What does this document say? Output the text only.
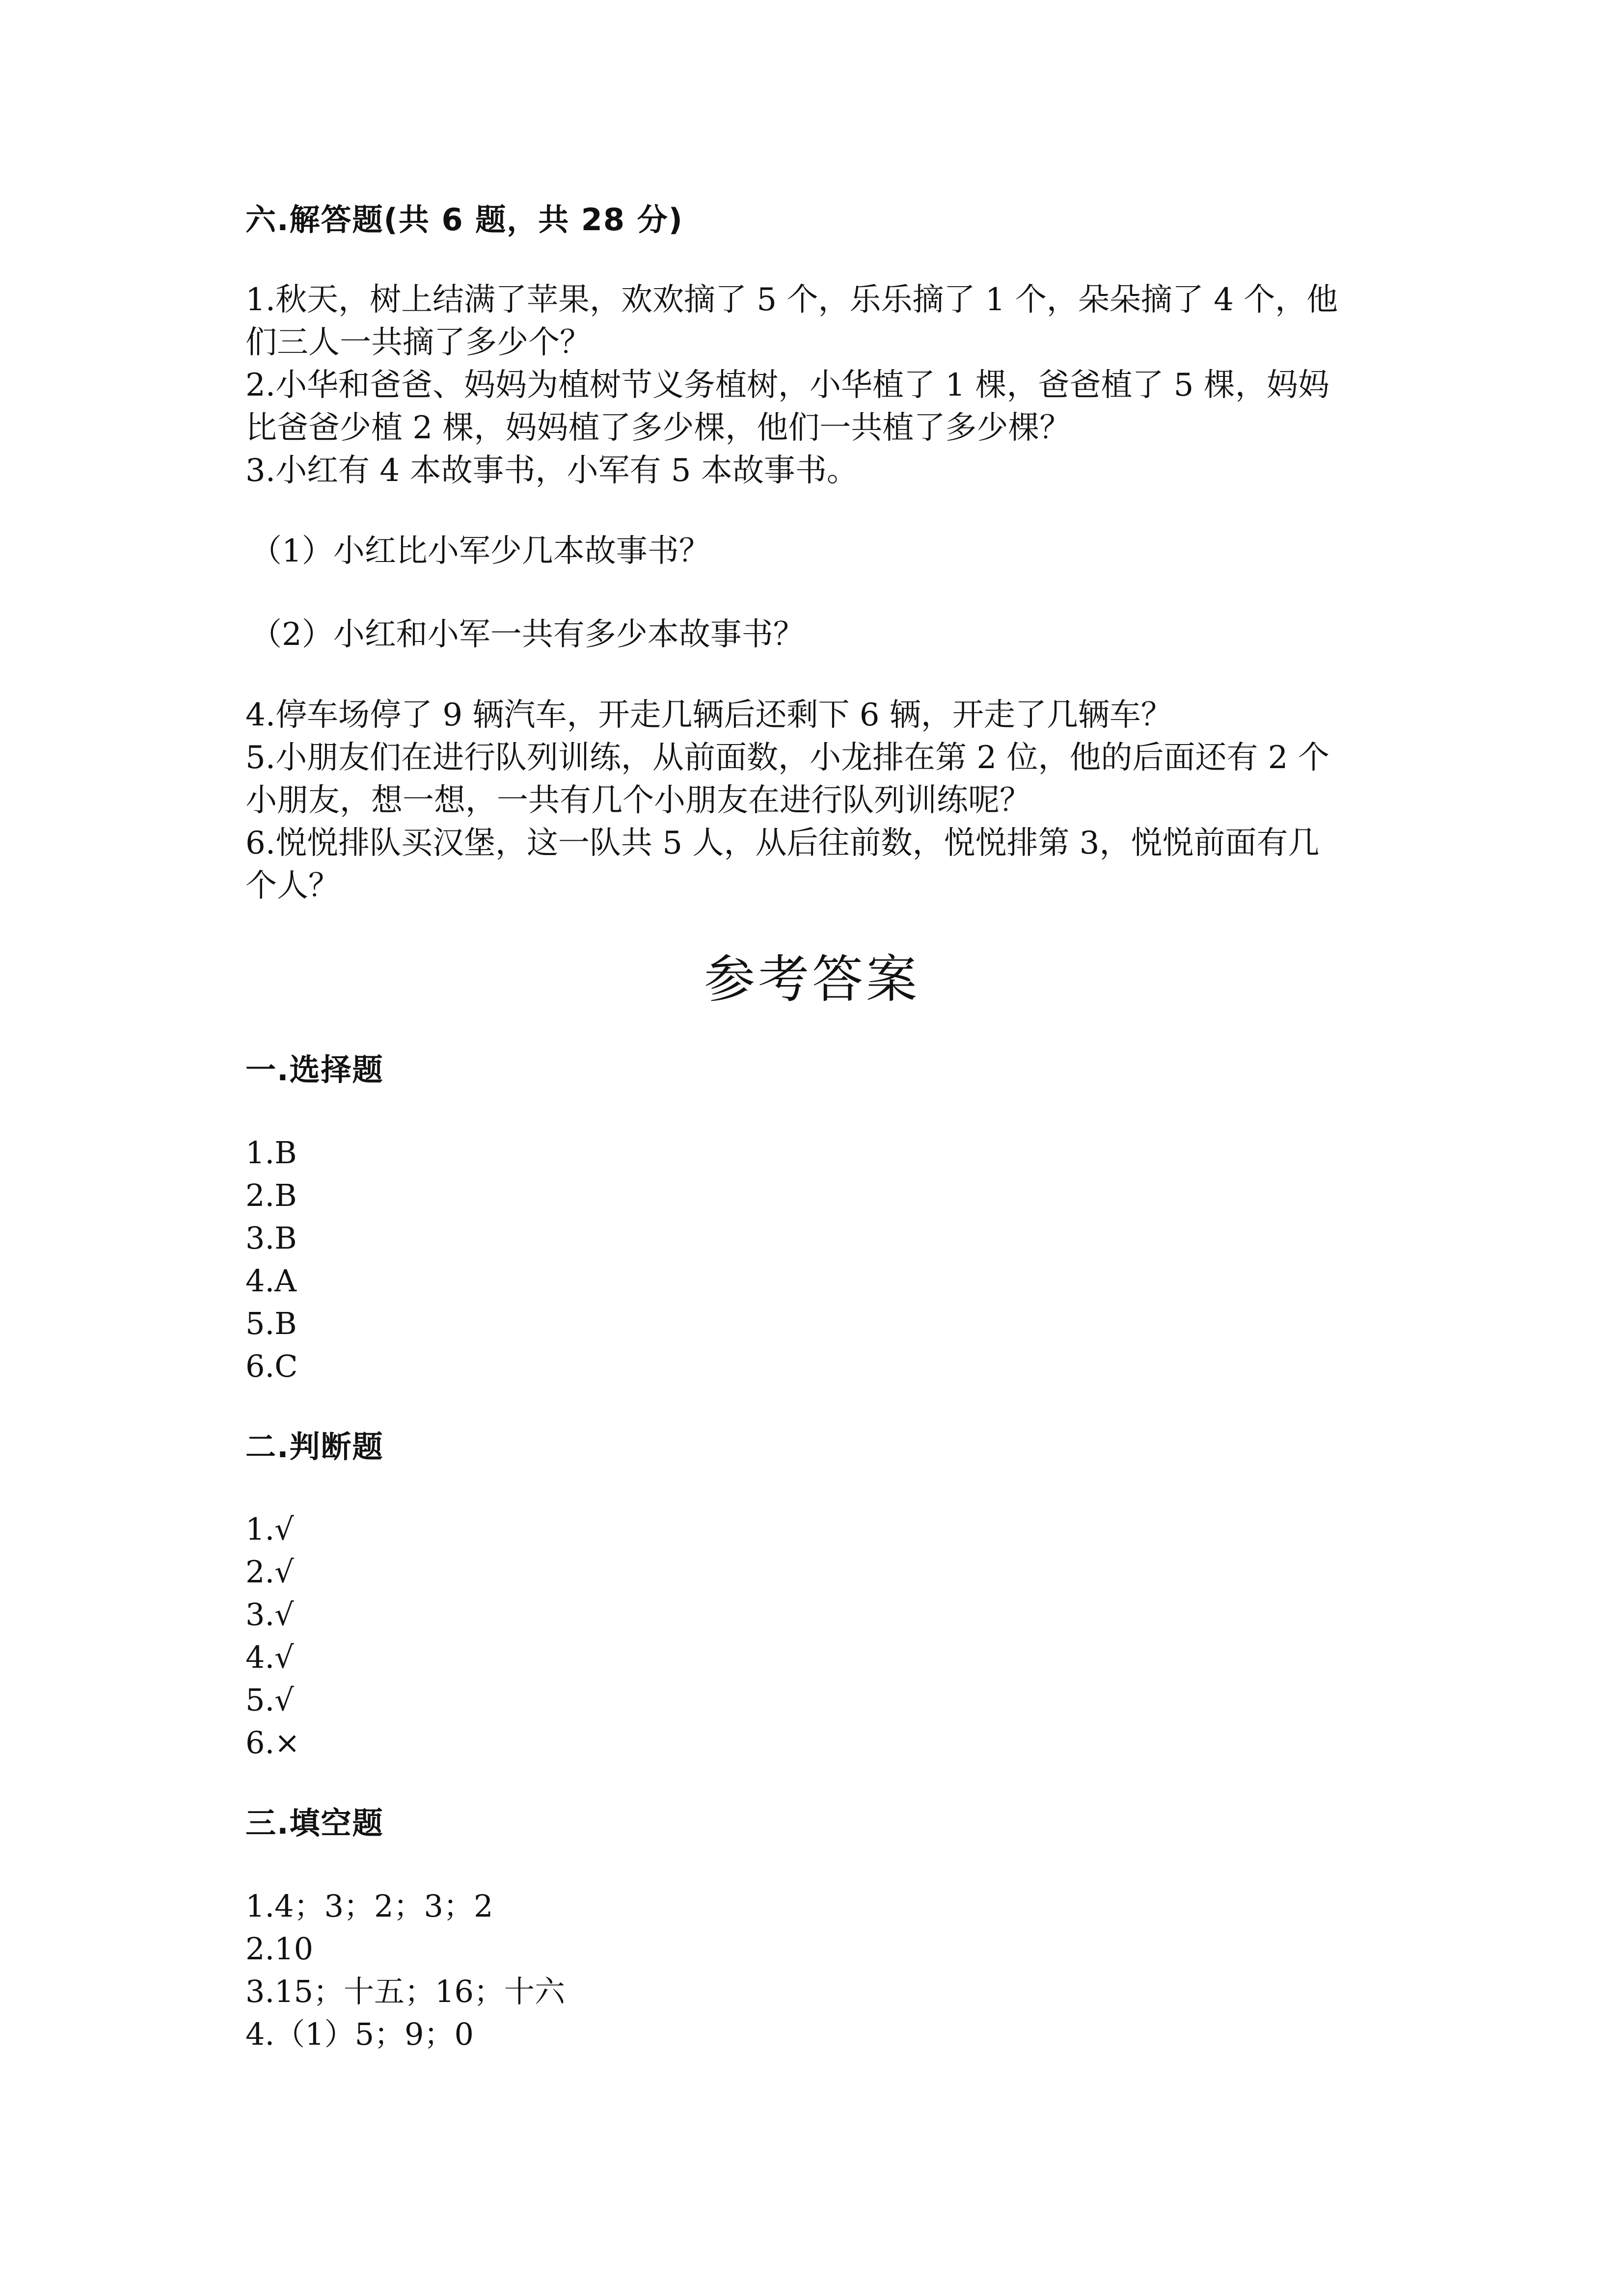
六.解答题(共 6 题，共 28 分)
1.秋天，树上结满了苹果，欢欢摘了 5 个，乐乐摘了 1 个，朵朵摘了 4 个，他
们三人一共摘了多少个？
2.小华和爸爸、妈妈为植树节义务植树，小华植了 1 棵，爸爸植了 5 棵，妈妈
比爸爸少植 2 棵，妈妈植了多少棵，他们一共植了多少棵？
3.小红有 4 本故事书，小军有 5 本故事书。
（1）小红比小军少几本故事书？
（2）小红和小军一共有多少本故事书？
4.停车场停了 9 辆汽车，开走几辆后还剩下 6 辆，开走了几辆车？
5.小朋友们在进行队列训练，从前面数，小龙排在第 2 位，他的后面还有 2 个
小朋友，想一想，一共有几个小朋友在进行队列训练呢？
6.悦悦排队买汉堡，这一队共 5 人，从后往前数，悦悦排第 3，悦悦前面有几
个人？
参考答案
一.选择题
1.B
2.B
3.B
4.A
5.B
6.C
二.判断题
1.√
2.√
3.√
4.√
5.√
6.×
三.填空题
1.4；3；2；3；2
2.10
3.15；十五；16；十六
4.（1）5；9；0
